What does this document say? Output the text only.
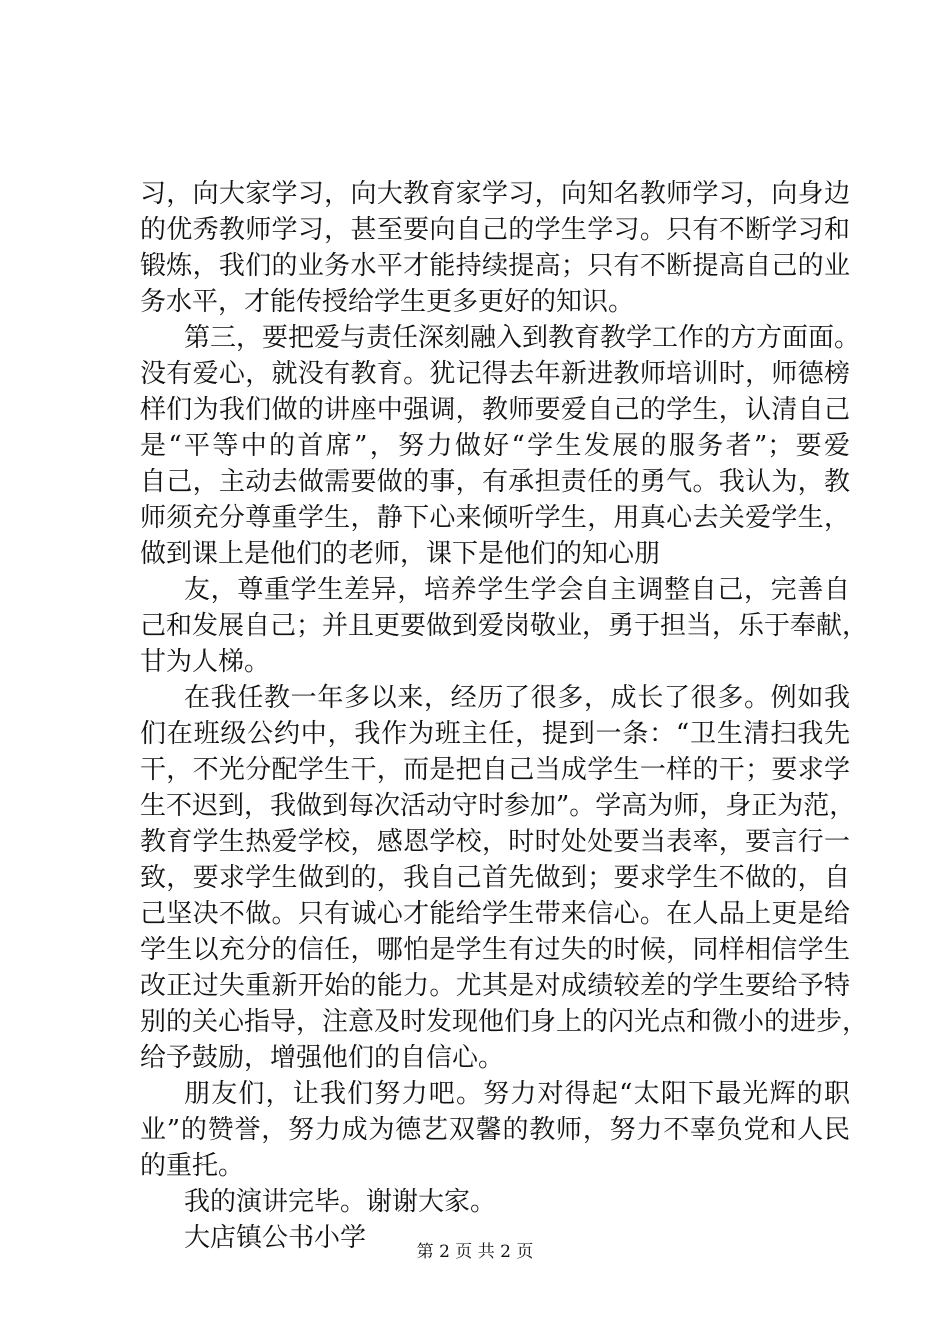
习，向大家学习，向大教育家学习，向知名教师学习，向身边
的优秀教师学习，甚至要向自己的学生学习。只有不断学习和
锻炼，我们的业务水平才能持续提高；只有不断提高自己的业
务水平，才能传授给学生更多更好的知识。
第三，要把爱与责任深刻融入到教育教学工作的方方面面。
没有爱心，就没有教育。犹记得去年新进教师培训时，师德榜
样们为我们做的讲座中强调，教师要爱自己的学生，认清自己
是“平等中的首席”，努力做好“学生发展的服务者”；要爱
自己，主动去做需要做的事，有承担责任的勇气。我认为，教
师须充分尊重学生，静下心来倾听学生，用真心去关爱学生，
做到课上是他们的老师，课下是他们的知心朋
友，尊重学生差异，培养学生学会自主调整自己，完善自
己和发展自己；并且更要做到爱岗敬业，勇于担当，乐于奉献，
甘为人梯。
在我任教一年多以来，经历了很多，成长了很多。例如我
们在班级公约中，我作为班主任，提到一条：“卫生清扫我先
干，不光分配学生干，而是把自己当成学生一样的干；要求学
生不迟到，我做到每次活动守时参加”。学高为师，身正为范，
教育学生热爱学校，感恩学校，时时处处要当表率，要言行一
致，要求学生做到的，我自己首先做到；要求学生不做的，自
己坚决不做。只有诚心才能给学生带来信心。在人品上更是给
学生以充分的信任，哪怕是学生有过失的时候，同样相信学生
改正过失重新开始的能力。尤其是对成绩较差的学生要给予特
别的关心指导，注意及时发现他们身上的闪光点和微小的进步，
给予鼓励，增强他们的自信心。
朋友们，让我们努力吧。努力对得起“太阳下最光辉的职
业”的赞誉，努力成为德艺双馨的教师，努力不辜负党和人民
的重托。
我的演讲完毕。谢谢大家。
大店镇公书小学	第 2 页 共 2 页
